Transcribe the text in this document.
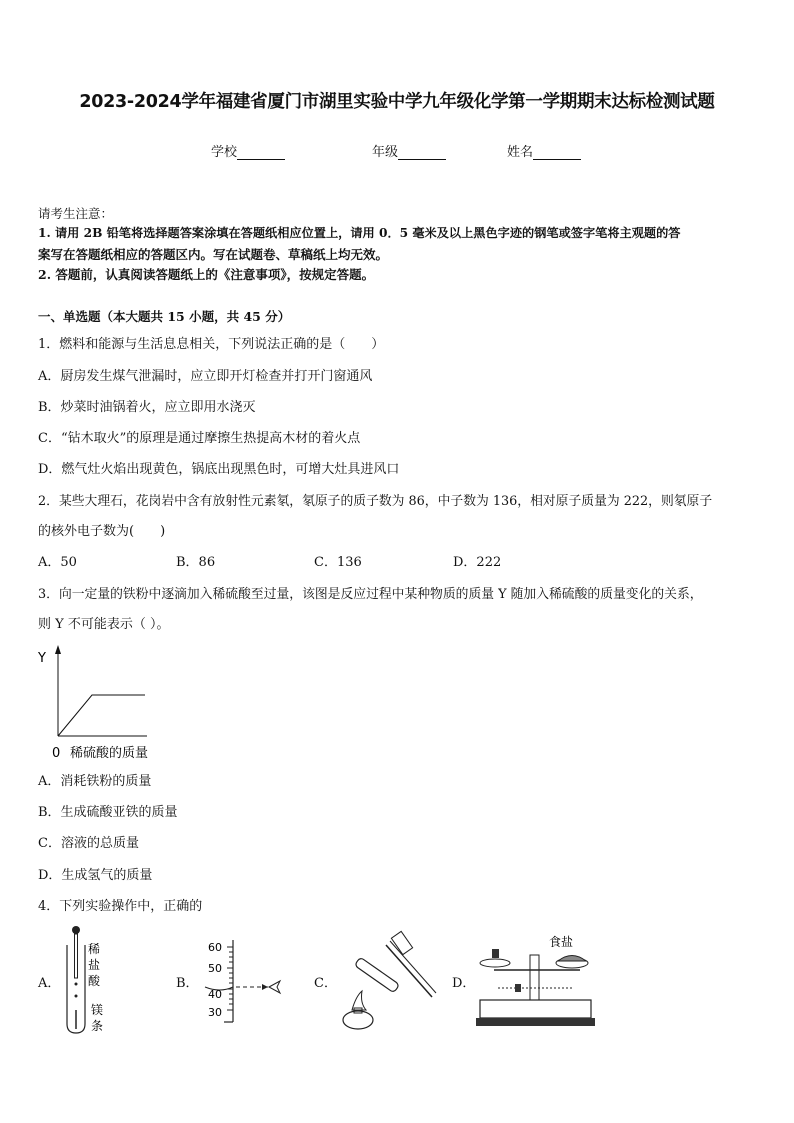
2023-2024学年福建省厦门市湖里实验中学九年级化学第一学期期末达标检测试题
学校	年级	姓名
请考生注意：
1. 请用 2B 铅笔将选择题答案涂填在答题纸相应位置上，请用 0．5 毫米及以上黑色字迹的钢笔或签字笔将主观题的答
案写在答题纸相应的答题区内。写在试题卷、草稿纸上均无效。
2. 答题前，认真阅读答题纸上的《注意事项》，按规定答题。
一、单选题（本大题共 15 小题，共 45 分）
1．燃料和能源与生活息息相关，下列说法正确的是（　　）
A．厨房发生煤气泄漏时，应立即开灯检查并打开门窗通风
B．炒菜时油锅着火，应立即用水浇灭
C．“钻木取火”的原理是通过摩擦生热提高木材的着火点
D．燃气灶火焰出现黄色，锅底出现黑色时，可增大灶具进风口
2．某些大理石，花岗岩中含有放射性元素氡，氡原子的质子数为 86，中子数为 136，相对原子质量为 222，则氡原子
的核外电子数为(　　)
A．50	B．86	C．136	D．222
3．向一定量的铁粉中逐滴加入稀硫酸至过量，该图是反应过程中某种物质的质量 Y 随加入稀硫酸的质量变化的关系，
则 Y 不可能表示（ ）。
Y
0 稀硫酸的质量
A．消耗铁粉的质量
B．生成硫酸亚铁的质量
C．溶液的总质量
D．生成氢气的质量
4．下列实验操作中，正确的
A．
稀
盐
酸
镁
条
B．
60
50
40
30
C．	D．
食盐
